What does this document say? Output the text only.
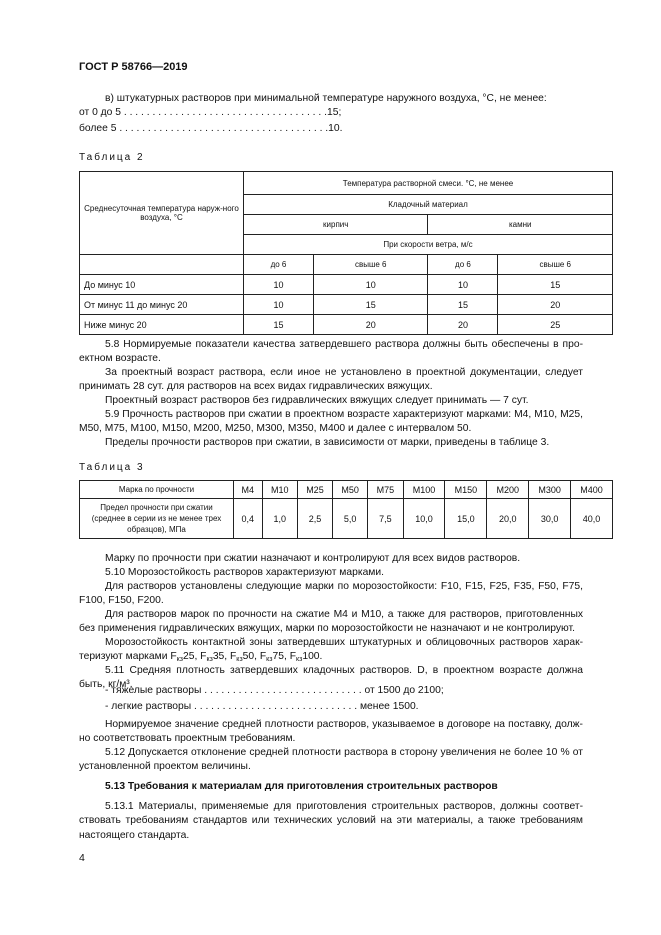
ГОСТ Р 58766—2019
в) штукатурных растворов при минимальной температуре наружного воздуха, °С, не менее:
от 0 до 5 . . . . . . . . . . . . . . . . . . . . . . . . . . . . . . . . . . . .15;
более 5 . . . . . . . . . . . . . . . . . . . . . . . . . . . . . . . . . . . . .10.
Таблица 2
Среднесуточная температура наруж-ного воздуха, °С	Температура растворной смеси. °С, не менее			
	Кладочный материал			
	кирпич		камни	
	При скорости ветра, м/с			
	до 6	свыше 6	до 6	свыше 6
До минус 10	10	10	10	15
От минус 11 до минус 20	10	15	15	20
Ниже минус 20	15	20	20	25
5.8 Нормируемые показатели качества затвердевшего раствора должны быть обеспечены в про-ектном возрасте.
За проектный возраст раствора, если иное не установлено в проектной документации, следует принимать 28 сут. для растворов на всех видах гидравлических вяжущих.
Проектный возраст растворов без гидравлических вяжущих следует принимать — 7 сут.
5.9 Прочность растворов при сжатии в проектном возрасте характеризуют марками: М4, М10, М25, М50, М75, М100, М150, М200, М250, М300, М350, М400 и далее с интервалом 50.
Пределы прочности растворов при сжатии, в зависимости от марки, приведены в таблице 3.
Таблица 3
Марка по прочности	М4	М10	М25	М50	М75	М100	М150	М200	М300	М400
Предел прочности при сжатии (среднее в серии из не менее трех образцов), МПа	0,4	1,0	2,5	5,0	7,5	10,0	15,0	20,0	30,0	40,0
Марку по прочности при сжатии назначают и контролируют для всех видов растворов.
5.10 Морозостойкость растворов характеризуют марками.
Для растворов установлены следующие марки по морозостойкости: F10, F15, F25, F35, F50, F75, F100, F150, F200.
Для растворов марок по прочности на сжатие М4 и М10, а также для растворов, приготовленных без применения гидравлических вяжущих, марки по морозостойкости не назначают и не контролируют.
Морозостойкость контактной зоны затвердевших штукатурных и облицовочных растворов харак-теризуют марками $F_{кз}25$, $F_{кз}35$, $F_{кз}50$, $F_{кз}75$, $F_{кз}100$.
5.11 Средняя плотность затвердевших кладочных растворов. D, в проектном возрасте должна быть, кг/м³.
- тяжелые растворы . . . . . . . . . . . . . . . . . . . . . . . . . . . . от 1500 до 2100;
- легкие растворы . . . . . . . . . . . . . . . . . . . . . . . . . . . . . менее 1500.
Нормируемое значение средней плотности растворов, указываемое в договоре на поставку, долж-но соответствовать проектным требованиям.
5.12 Допускается отклонение средней плотности раствора в сторону увеличения не более 10 % от установленной проектом величины.
5.13 Требования к материалам для приготовления строительных растворов
5.13.1 Материалы, применяемые для приготовления строительных растворов, должны соответ-ствовать требованиям стандартов или технических условий на эти материалы, а также требованиям настоящего стандарта.
4
